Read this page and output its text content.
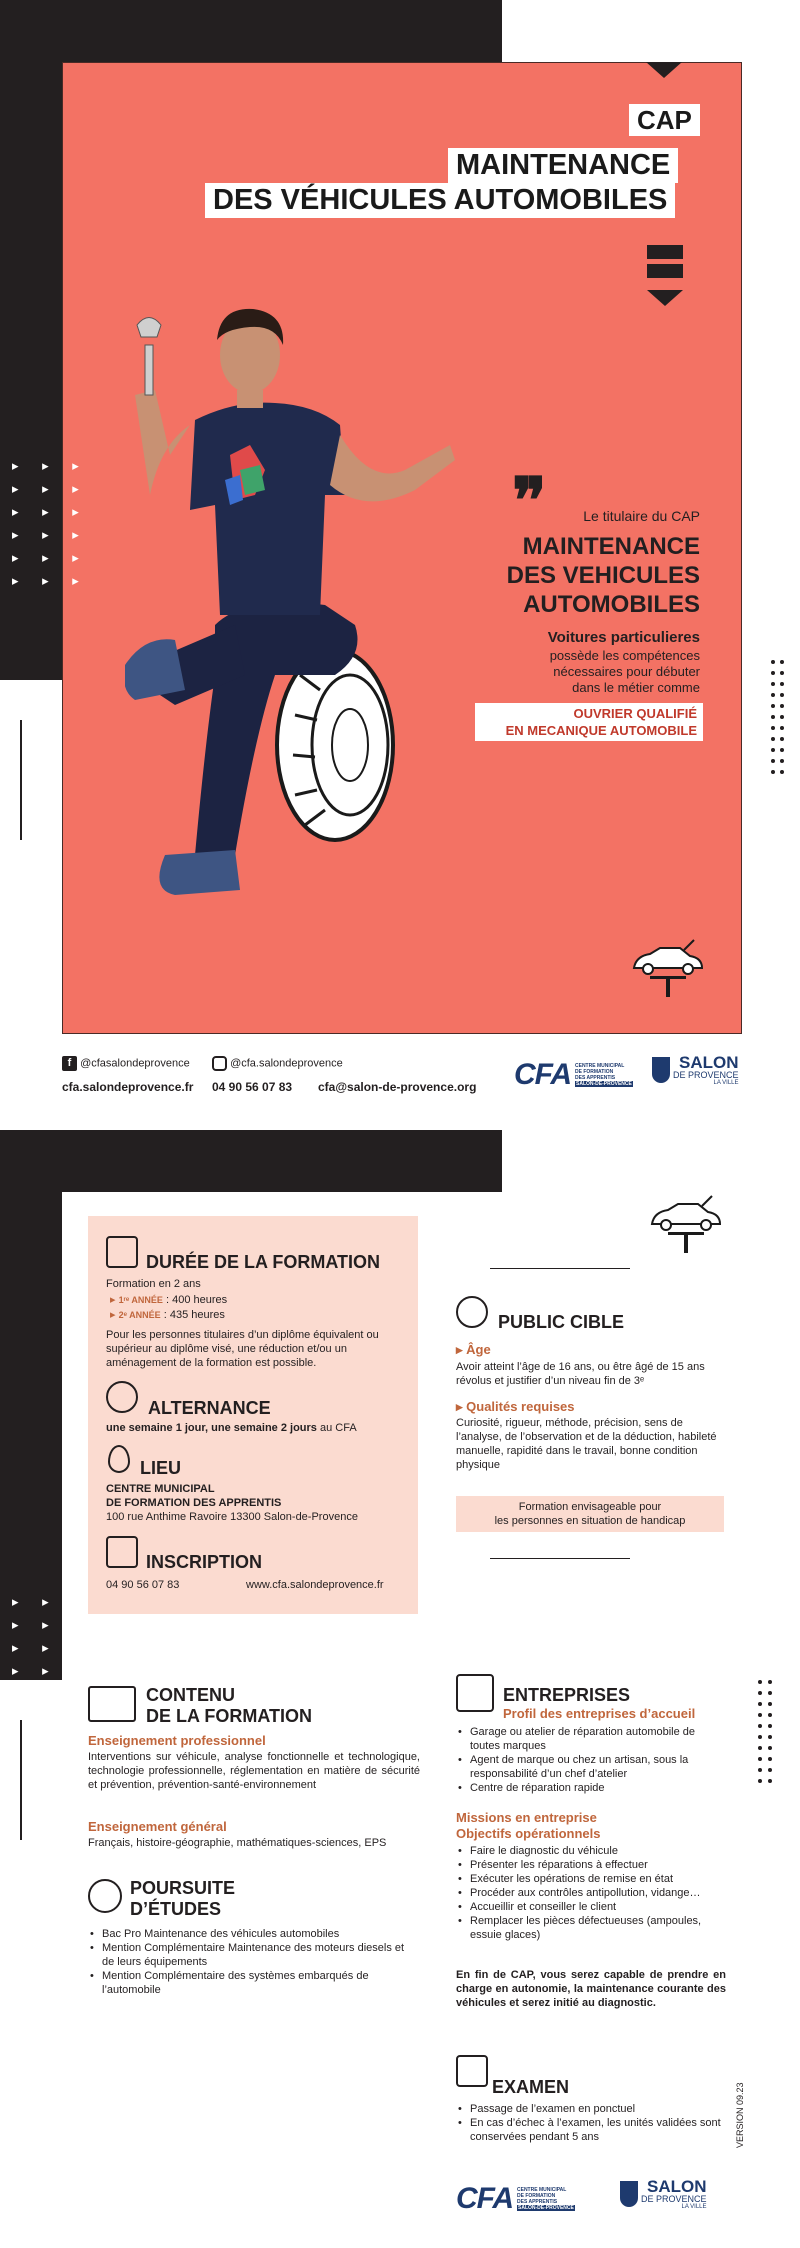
CAP
MAINTENANCE
DES VÉHICULES AUTOMOBILES
❞	Le titulaire du CAP
MAINTENANCE
DES VEHICULES
AUTOMOBILES
Voitures particulieres
possède les compétences
nécessaires pour débuter
dans le métier comme
OUVRIER QUALIFIÉ
EN MECANIQUE AUTOMOBILE
▸ ▸ ▸
▸ ▸ ▸
▸ ▸ ▸
▸ ▸ ▸
▸ ▸ ▸
▸ ▸ ▸
f @cfasalondeprovence	@cfa.salondeprovence
cfa.salondeprovence.fr 04 90 56 07 83 cfa@salon-de-provence.org CFA CENTRE MUNICIPAL
DE FORMATION
DES APPRENTIS
SALON-DE-PROVENCE
SALON
DE PROVENCE
LA VILLE
DURÉE DE LA FORMATION
Formation en 2 ans
▸ 1ʳᵉ ANNÉE : 400 heures
▸ 2ᵉ ANNÉE : 435 heures
Pour les personnes titulaires d’un diplôme équivalent ou supérieur au diplôme visé, une réduction et/ou un aménagement de la formation est possible.
ALTERNANCE
une semaine 1 jour, une semaine 2 jours au CFA
LIEU
CENTRE MUNICIPAL
DE FORMATION DES APPRENTIS
100 rue Anthime Ravoire 13300 Salon-de-Provence
INSCRIPTION
04 90 56 07 83	www.cfa.salondeprovence.fr
PUBLIC CIBLE
▸ Âge
Avoir atteint l’âge de 16 ans, ou être âgé de 15 ans révolus et justifier d’un niveau fin de 3ᵉ
▸ Qualités requises
Curiosité, rigueur, méthode, précision, sens de l’analyse, de l’observation et de la déduction, habileté manuelle, rapidité dans le travail, bonne condition physique
Formation envisageable pour
les personnes en situation de handicap
▸ ▸ ▸
▸ ▸ ▸
▸ ▸ ▸
▸ ▸ ▸
▸ ▸ ▸	CONTENU
DE LA FORMATION
Enseignement professionnel
Interventions sur véhicule, analyse fonctionnelle et technologique, technologie professionnelle, réglementation en matière de sécurité et prévention, prévention-santé-environnement
Enseignement général
Français, histoire-géographie, mathématiques-sciences, EPS
POURSUITE
D’ÉTUDES
• Bac Pro Maintenance des véhicules automobiles
• Mention Complémentaire Maintenance des moteurs diesels et de leurs équipements
• Mention Complémentaire des systèmes embarqués de l’automobile
ENTREPRISES
Profil des entreprises d’accueil
• Garage ou atelier de réparation automobile de toutes marques
• Agent de marque ou chez un artisan, sous la responsabilité d’un chef d’atelier
• Centre de réparation rapide
Missions en entreprise
Objectifs opérationnels
• Faire le diagnostic du véhicule
• Présenter les réparations à effectuer
• Exécuter les opérations de remise en état
• Procéder aux contrôles antipollution, vidange…
• Accueillir et conseiller le client
• Remplacer les pièces défectueuses (ampoules, essuie glaces)
En fin de CAP, vous serez capable de prendre en charge en autonomie, la maintenance courante des véhicules et serez initié au diagnostic.
EXAMEN
• Passage de l’examen en ponctuel
• En cas d’échec à l’examen, les unités validées sont conservées pendant 5 ans	VERSION 09.23
CFA CENTRE MUNICIPAL
DE FORMATION
DES APPRENTIS
SALON-DE-PROVENCE
SALON
DE PROVENCE
LA VILLE
